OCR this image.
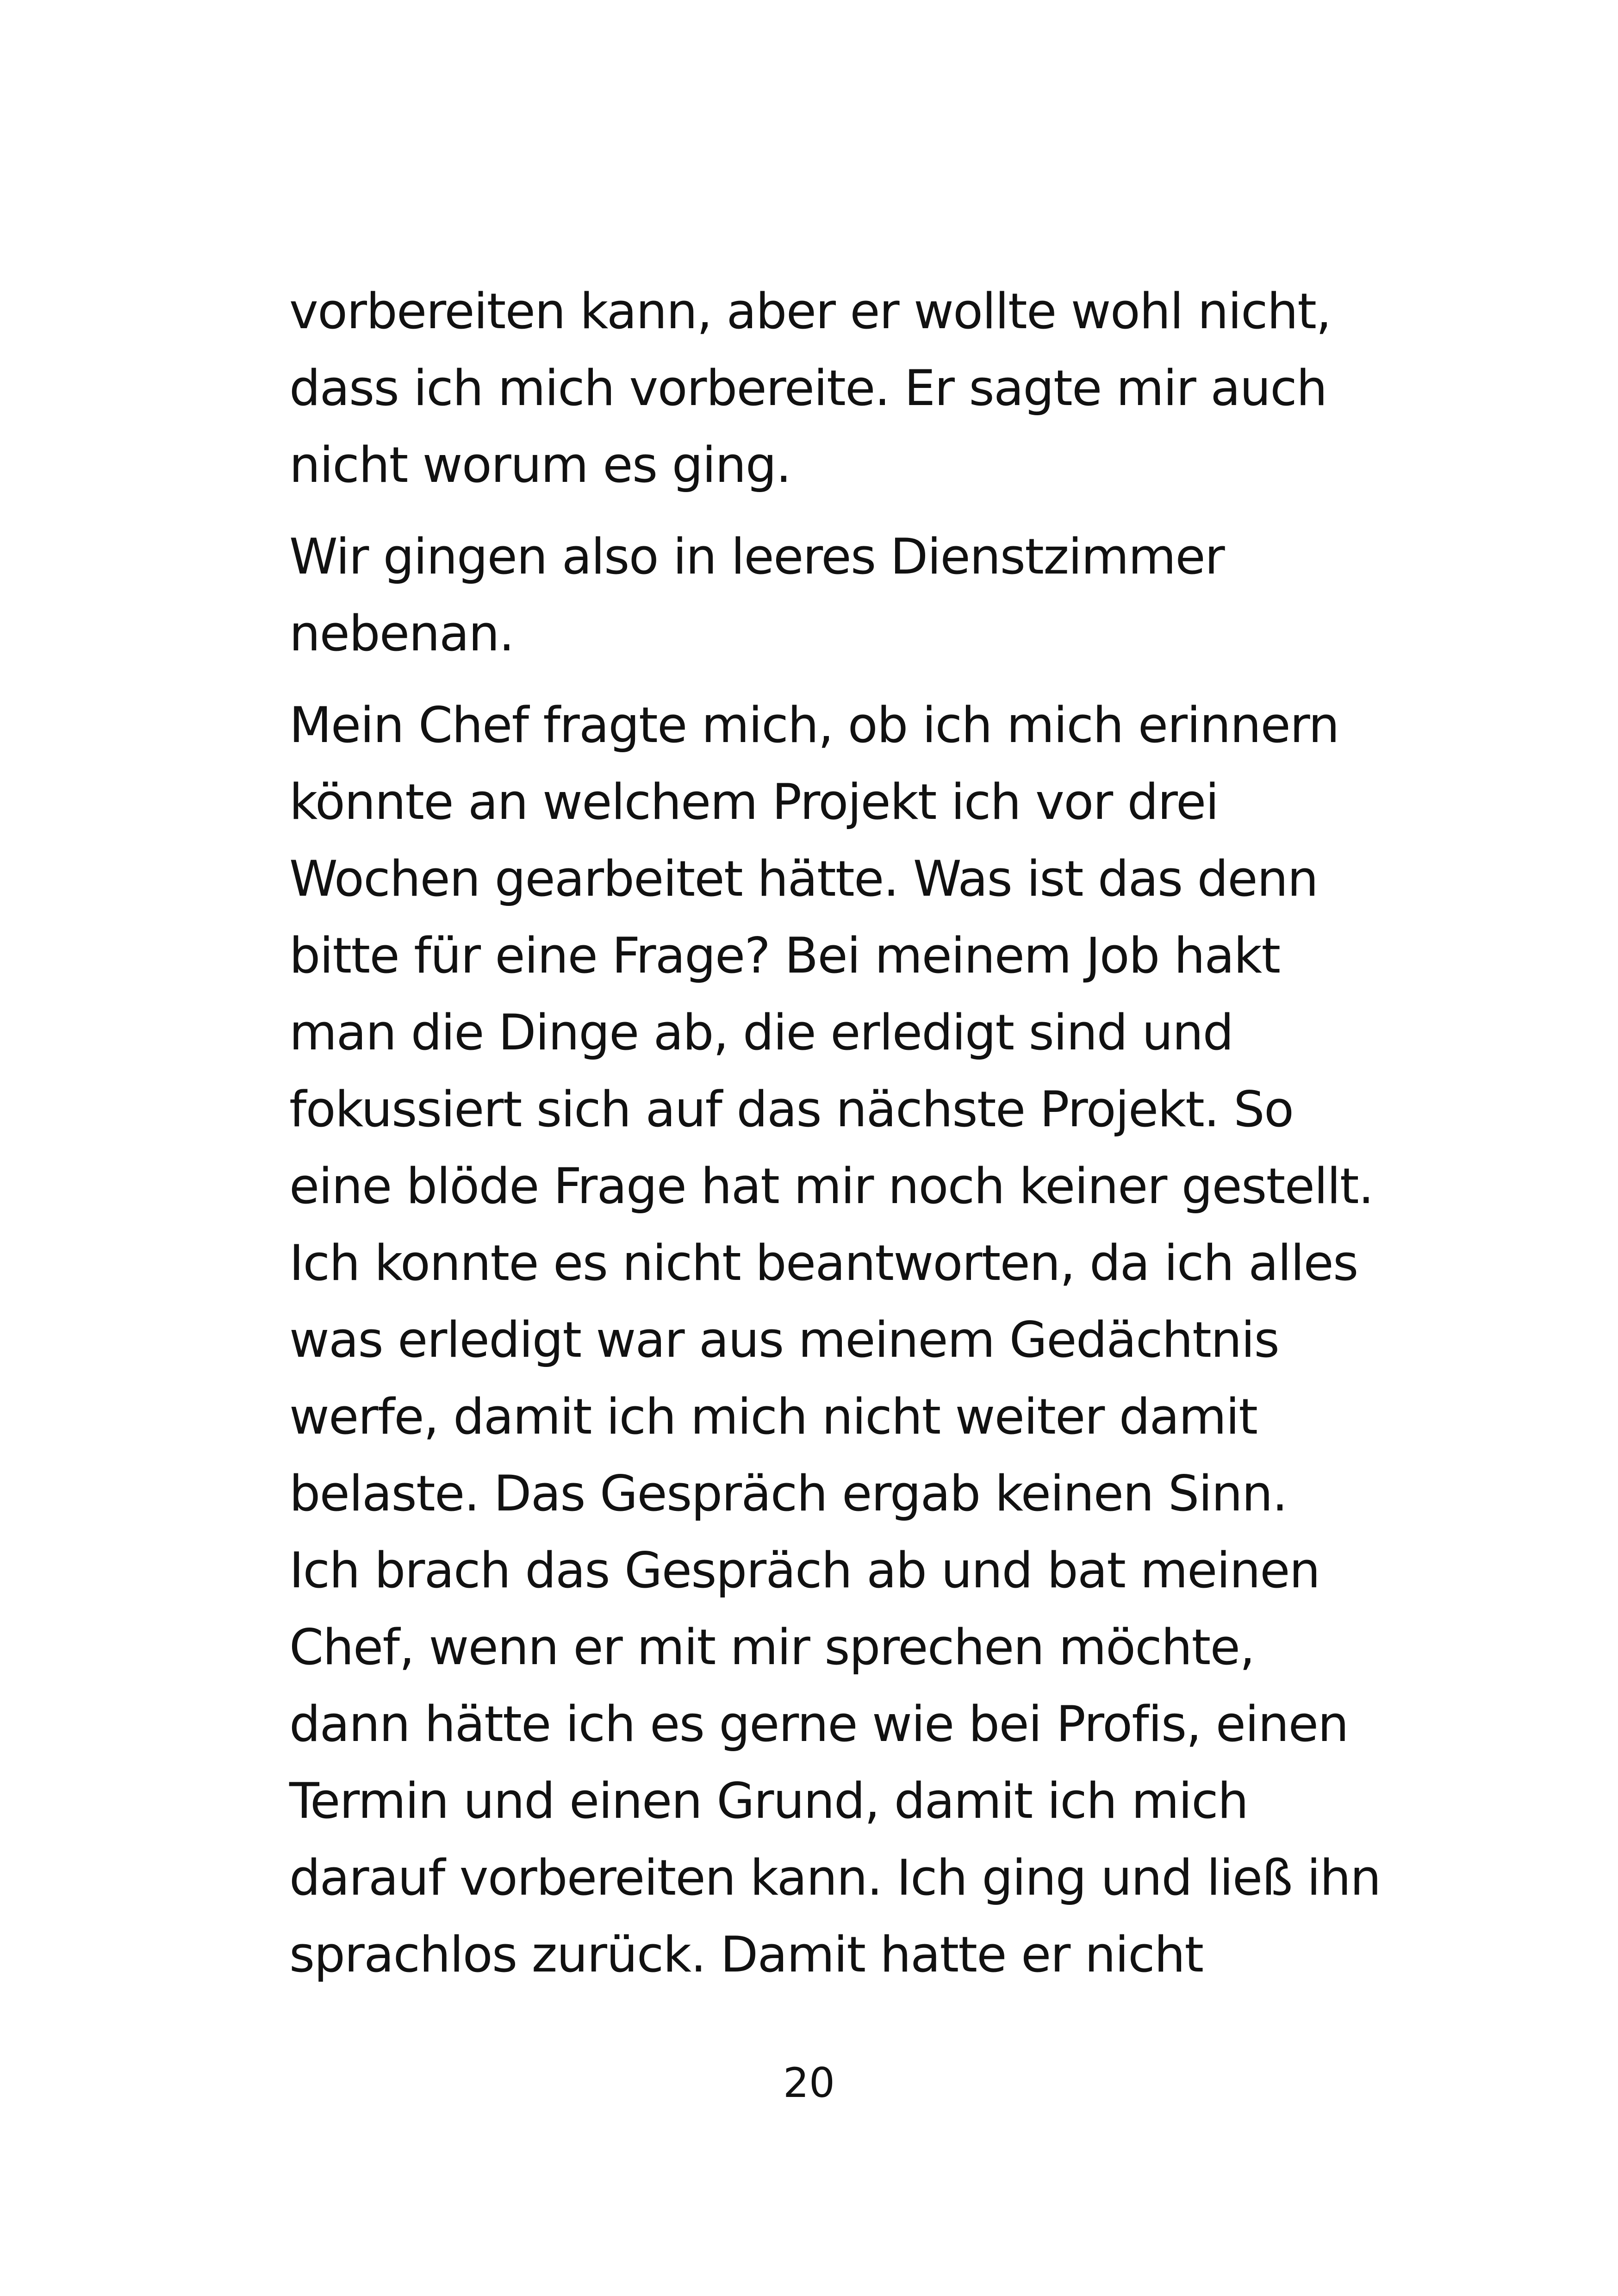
vorbereiten kann, aber er wollte wohl nicht,
dass ich mich vorbereite. Er sagte mir auch
nicht worum es ging.
Wir gingen also in leeres Dienstzimmer
nebenan.
Mein Chef fragte mich, ob ich mich erinnern
könnte an welchem Projekt ich vor drei
Wochen gearbeitet hätte. Was ist das denn
bitte für eine Frage? Bei meinem Job hakt
man die Dinge ab, die erledigt sind und
fokussiert sich auf das nächste Projekt. So
eine blöde Frage hat mir noch keiner gestellt.
Ich konnte es nicht beantworten, da ich alles
was erledigt war aus meinem Gedächtnis
werfe, damit ich mich nicht weiter damit
belaste. Das Gespräch ergab keinen Sinn.
Ich brach das Gespräch ab und bat meinen
Chef, wenn er mit mir sprechen möchte,
dann hätte ich es gerne wie bei Profis, einen
Termin und einen Grund, damit ich mich
darauf vorbereiten kann. Ich ging und ließ ihn
sprachlos zurück. Damit hatte er nicht
20
